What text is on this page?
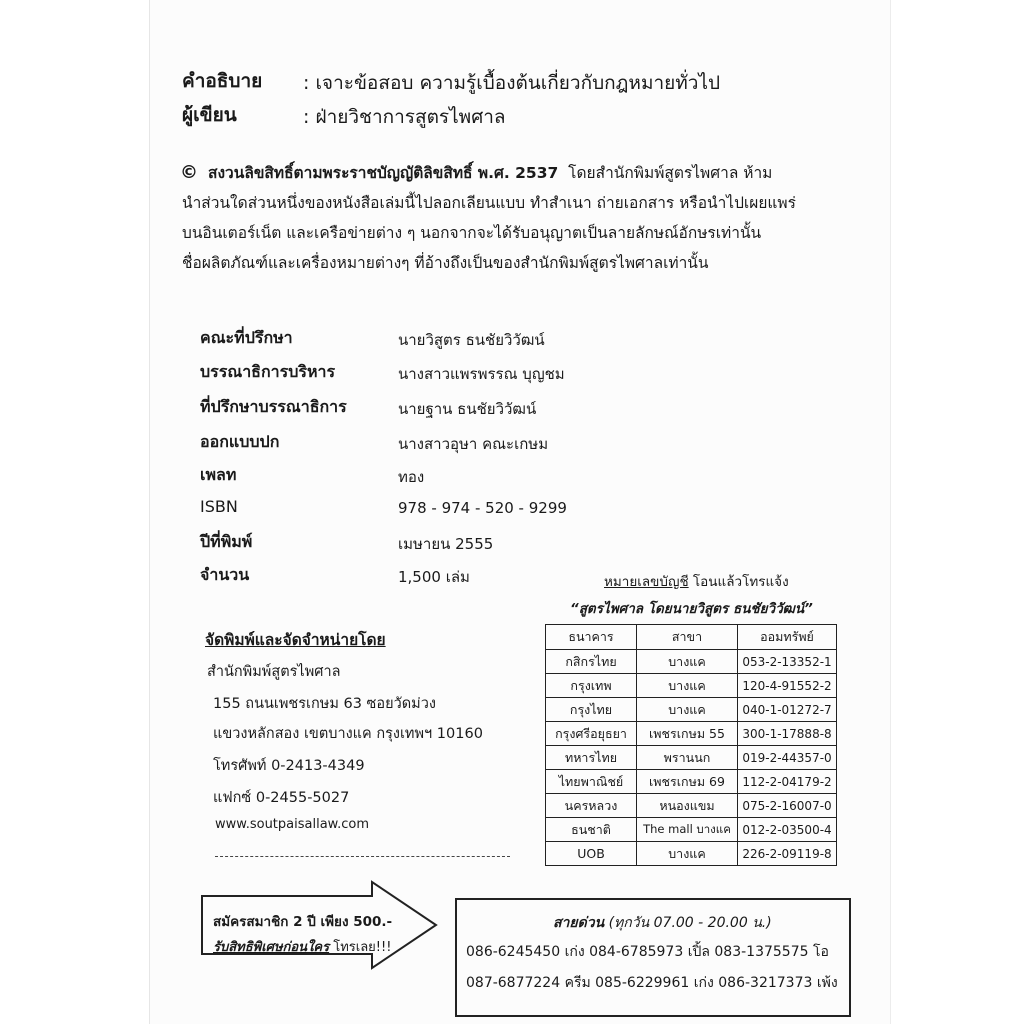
คำอธิบาย : เจาะข้อสอบ ความรู้เบื้องต้นเกี่ยวกับกฎหมายทั่วไป
ผู้เขียน	: ฝ่ายวิชาการสูตรไพศาล
© สงวนลิขสิทธิ์ตามพระราชบัญญัติลิขสิทธิ์ พ.ศ. 2537 โดยสำนักพิมพ์สูตรไพศาล ห้าม
นำส่วนใดส่วนหนึ่งของหนังสือเล่มนี้ไปลอกเลียนแบบ ทำสำเนา ถ่ายเอกสาร หรือนำไปเผยแพร่
บนอินเตอร์เน็ต และเครือข่ายต่าง ๆ นอกจากจะได้รับอนุญาตเป็นลายลักษณ์อักษรเท่านั้น
ชื่อผลิตภัณฑ์และเครื่องหมายต่างๆ ที่อ้างถึงเป็นของสำนักพิมพ์สูตรไพศาลเท่านั้น
คณะที่ปรึกษา	นายวิสูตร ธนชัยวิวัฒน์
บรรณาธิการบริหาร	นางสาวแพรพรรณ บุญชม
ที่ปรึกษาบรรณาธิการ	นายฐาน ธนชัยวิวัฒน์
ออกแบบปก	นางสาวอุษา คณะเกษม
เพลท	ทอง
ISBN	978 - 974 - 520 - 9299
ปีที่พิมพ์	เมษายน 2555
จำนวน	1,500 เล่ม
จัดพิมพ์และจัดจำหน่ายโดย
สำนักพิมพ์สูตรไพศาล
155 ถนนเพชรเกษม 63 ซอยวัดม่วง
แขวงหลักสอง เขตบางแค กรุงเทพฯ 10160
โทรศัพท์ 0-2413-4349
แฟกซ์ 0-2455-5027
www.soutpaisallaw.com
หมายเลขบัญชี โอนแล้วโทรแจ้ง
“สูตรไพศาล โดยนายวิสูตร ธนชัยวิวัฒน์”
ธนาคาร	สาขา	ออมทรัพย์
กสิกรไทย	บางแค	053-2-13352-1
กรุงเทพ	บางแค	120-4-91552-2
กรุงไทย	บางแค	040-1-01272-7
กรุงศรีอยุธยา	เพชรเกษม 55	300-1-17888-8
ทหารไทย	พรานนก	019-2-44357-0
ไทยพาณิชย์	เพชรเกษม 69	112-2-04179-2
นครหลวง	หนองแขม	075-2-16007-0
ธนชาติ	The mall บางแค	012-2-03500-4
UOB	บางแค	226-2-09119-8
สมัครสมาชิก 2 ปี เพียง 500.-
รับสิทธิพิเศษก่อนใคร โทรเลย!!!
สายด่วน (ทุกวัน 07.00 - 20.00 น.)
086-6245450 เก่ง 084-6785973 เปิ้ล 083-1375575 โอ
087-6877224 ครีม 085-6229961 เก่ง 086-3217373 เพ้ง
